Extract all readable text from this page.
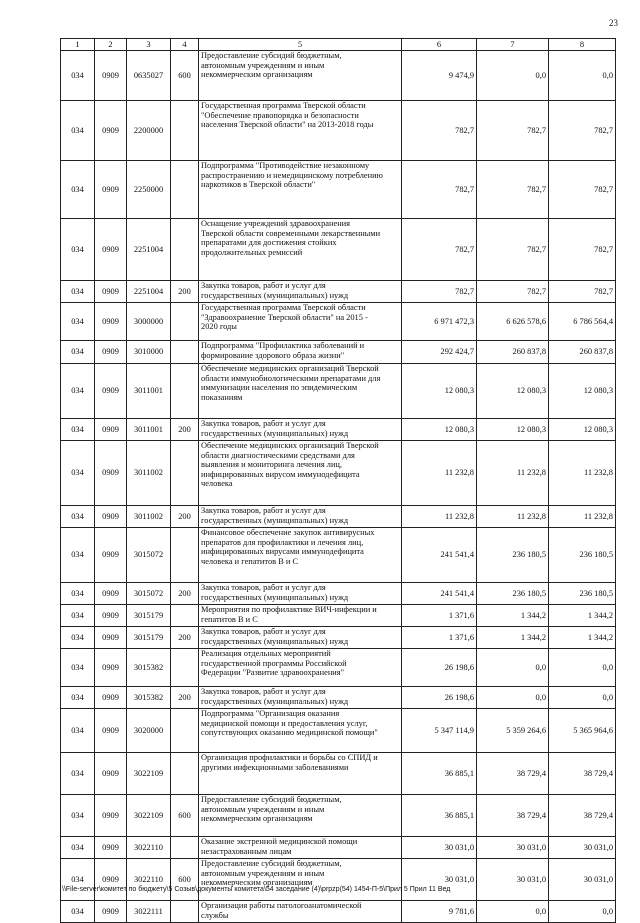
23
1	2	3	4	5	6	7	8
034	0909	0635027	600	Предоставление субсидий бюджетным,
автономным учреждениям и иным
некоммерческим организациям	9 474,9	0,0	0,0
034	0909	2200000		Государственная программа Тверской области
"Обеспечение правопорядка и безопасности
населения Тверской области" на 2013-2018 годы	782,7	782,7	782,7
034	0909	2250000		Подпрограмма "Противодействие незаконному
распространению и немедицинскому потреблению
наркотиков в Тверской области"	782,7	782,7	782,7
034	0909	2251004		Оснащение учреждений здравоохранения
Тверской области современными лекарственными
препаратами для достижения стойких
продолжительных ремиссий	782,7	782,7	782,7
034	0909	2251004	200	Закупка товаров, работ и услуг для
государственных (муниципальных) нужд	782,7	782,7	782,7
034	0909	3000000		Государственная программа Тверской области
"Здравоохранение Тверской области" на 2015 -
2020 годы	6 971 472,3	6 626 578,6	6 786 564,4
034	0909	3010000		Подпрограмма "Профилактика заболеваний и
формирование здорового образа жизни"	292 424,7	260 837,8	260 837,8
034	0909	3011001		Обеспечение медицинских организаций Тверской
области иммунобиологическими препаратами для
иммунизации населения по эпидемическим
показаниям	12 080,3	12 080,3	12 080,3
034	0909	3011001	200	Закупка товаров, работ и услуг для
государственных (муниципальных) нужд	12 080,3	12 080,3	12 080,3
034	0909	3011002		Обеспечение медицинских организаций Тверской
области диагностическими средствами для
выявления и мониторинга лечения лиц,
инфицированных вирусом иммунодефицита
человека	11 232,8	11 232,8	11 232,8
034	0909	3011002	200	Закупка товаров, работ и услуг для
государственных (муниципальных) нужд	11 232,8	11 232,8	11 232,8
034	0909	3015072		Финансовое обеспечение закупок антивирусных
препаратов для профилактики и лечения лиц,
инфицированных вирусами иммунодефицита
человека и гепатитов В и С	241 541,4	236 180,5	236 180,5
034	0909	3015072	200	Закупка товаров, работ и услуг для
государственных (муниципальных) нужд	241 541,4	236 180,5	236 180,5
034	0909	3015179		Мероприятия по профилактике ВИЧ-инфекции и
гепатитов В и С	1 371,6	1 344,2	1 344,2
034	0909	3015179	200	Закупка товаров, работ и услуг для
государственных (муниципальных) нужд	1 371,6	1 344,2	1 344,2
034	0909	3015382		Реализация отдельных мероприятий
государственной программы Российской
Федерации "Развитие здравоохранения"	26 198,6	0,0	0,0
034	0909	3015382	200	Закупка товаров, работ и услуг для
государственных (муниципальных) нужд	26 198,6	0,0	0,0
034	0909	3020000		Подпрограмма "Организация оказания
медицинской помощи и предоставления услуг,
сопутствующих оказанию медицинской помощи"	5 347 114,9	5 359 264,6	5 365 964,6
034	0909	3022109		Организация профилактики и борьбы со СПИД и
другими инфекционными заболеваниями	36 885,1	38 729,4	38 729,4
034	0909	3022109	600	Предоставление субсидий бюджетным,
автономным учреждениям и иным
некоммерческим организациям	36 885,1	38 729,4	38 729,4
034	0909	3022110		Оказание экстренной медицинской помощи
незастрахованным лицам	30 031,0	30 031,0	30 031,0
034	0909	3022110	600	Предоставление субсидий бюджетным,
автономным учреждениям и иным
некоммерческим организациям	30 031,0	30 031,0	30 031,0
034	0909	3022111		Организация работы патологоанатомической
службы	9 781,6	0,0	0,0
\\File-server\комитет по бюджету\5 Созыв\документы комитета\54 заседание (4)\prpzp(54) 1454-П-5\Прил 5 Прил 11 Вед
